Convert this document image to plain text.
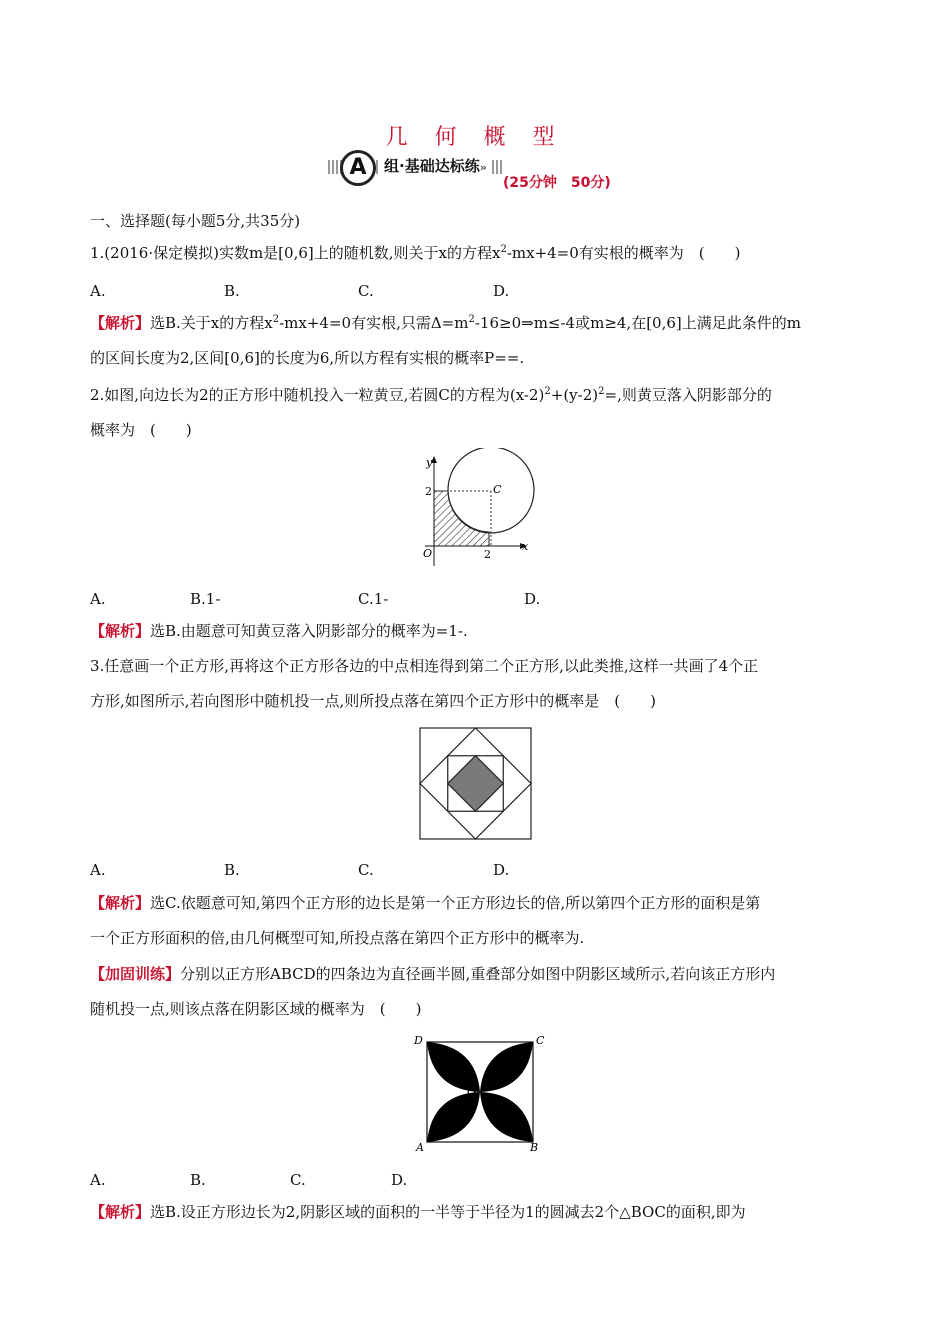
几 何 概 型
A	组·基础达标练»
(25分钟　50分)
一、选择题(每小题5分,共35分)
1.(2016·保定模拟)实数m是[0,6]上的随机数,则关于x的方程$x^2-mx+4=0$有实根的概率为　(　　)
A.	B.	C.	D.
【解析】选B.关于x的方程$x^2-mx+4=0$有实根,只需$\Delta=m^2-16\ge 0\Rightarrow m\le-4$或m≥4,在[0,6]上满足此条件的m
的区间长度为2,区间[0,6]的长度为6,所以方程有实根的概率P==.
2.如图,向边长为2的正方形中随机投入一粒黄豆,若圆C的方程为$(x-2)^2+(y-2)^2=$,则黄豆落入阴影部分的
概率为　(　　)
y
x
O
2
2
C
A.	B.1-	C.1-	D.
【解析】选B.由题意可知黄豆落入阴影部分的概率为=1-.
3.任意画一个正方形,再将这个正方形各边的中点相连得到第二个正方形,以此类推,这样一共画了4个正
方形,如图所示,若向图形中随机投一点,则所投点落在第四个正方形中的概率是　(　　)
A.	B.	C.	D.
【解析】选C.依题意可知,第四个正方形的边长是第一个正方形边长的倍,所以第四个正方形的面积是第
一个正方形面积的倍,由几何概型可知,所投点落在第四个正方形中的概率为.
【加固训练】分别以正方形ABCD的四条边为直径画半圆,重叠部分如图中阴影区域所示,若向该正方形内
随机投一点,则该点落在阴影区域的概率为　(　　)
D	C
A	B
O
A.	B.	C.	D.
【解析】选B.设正方形边长为2,阴影区域的面积的一半等于半径为1的圆减去2个△BOC的面积,即为
